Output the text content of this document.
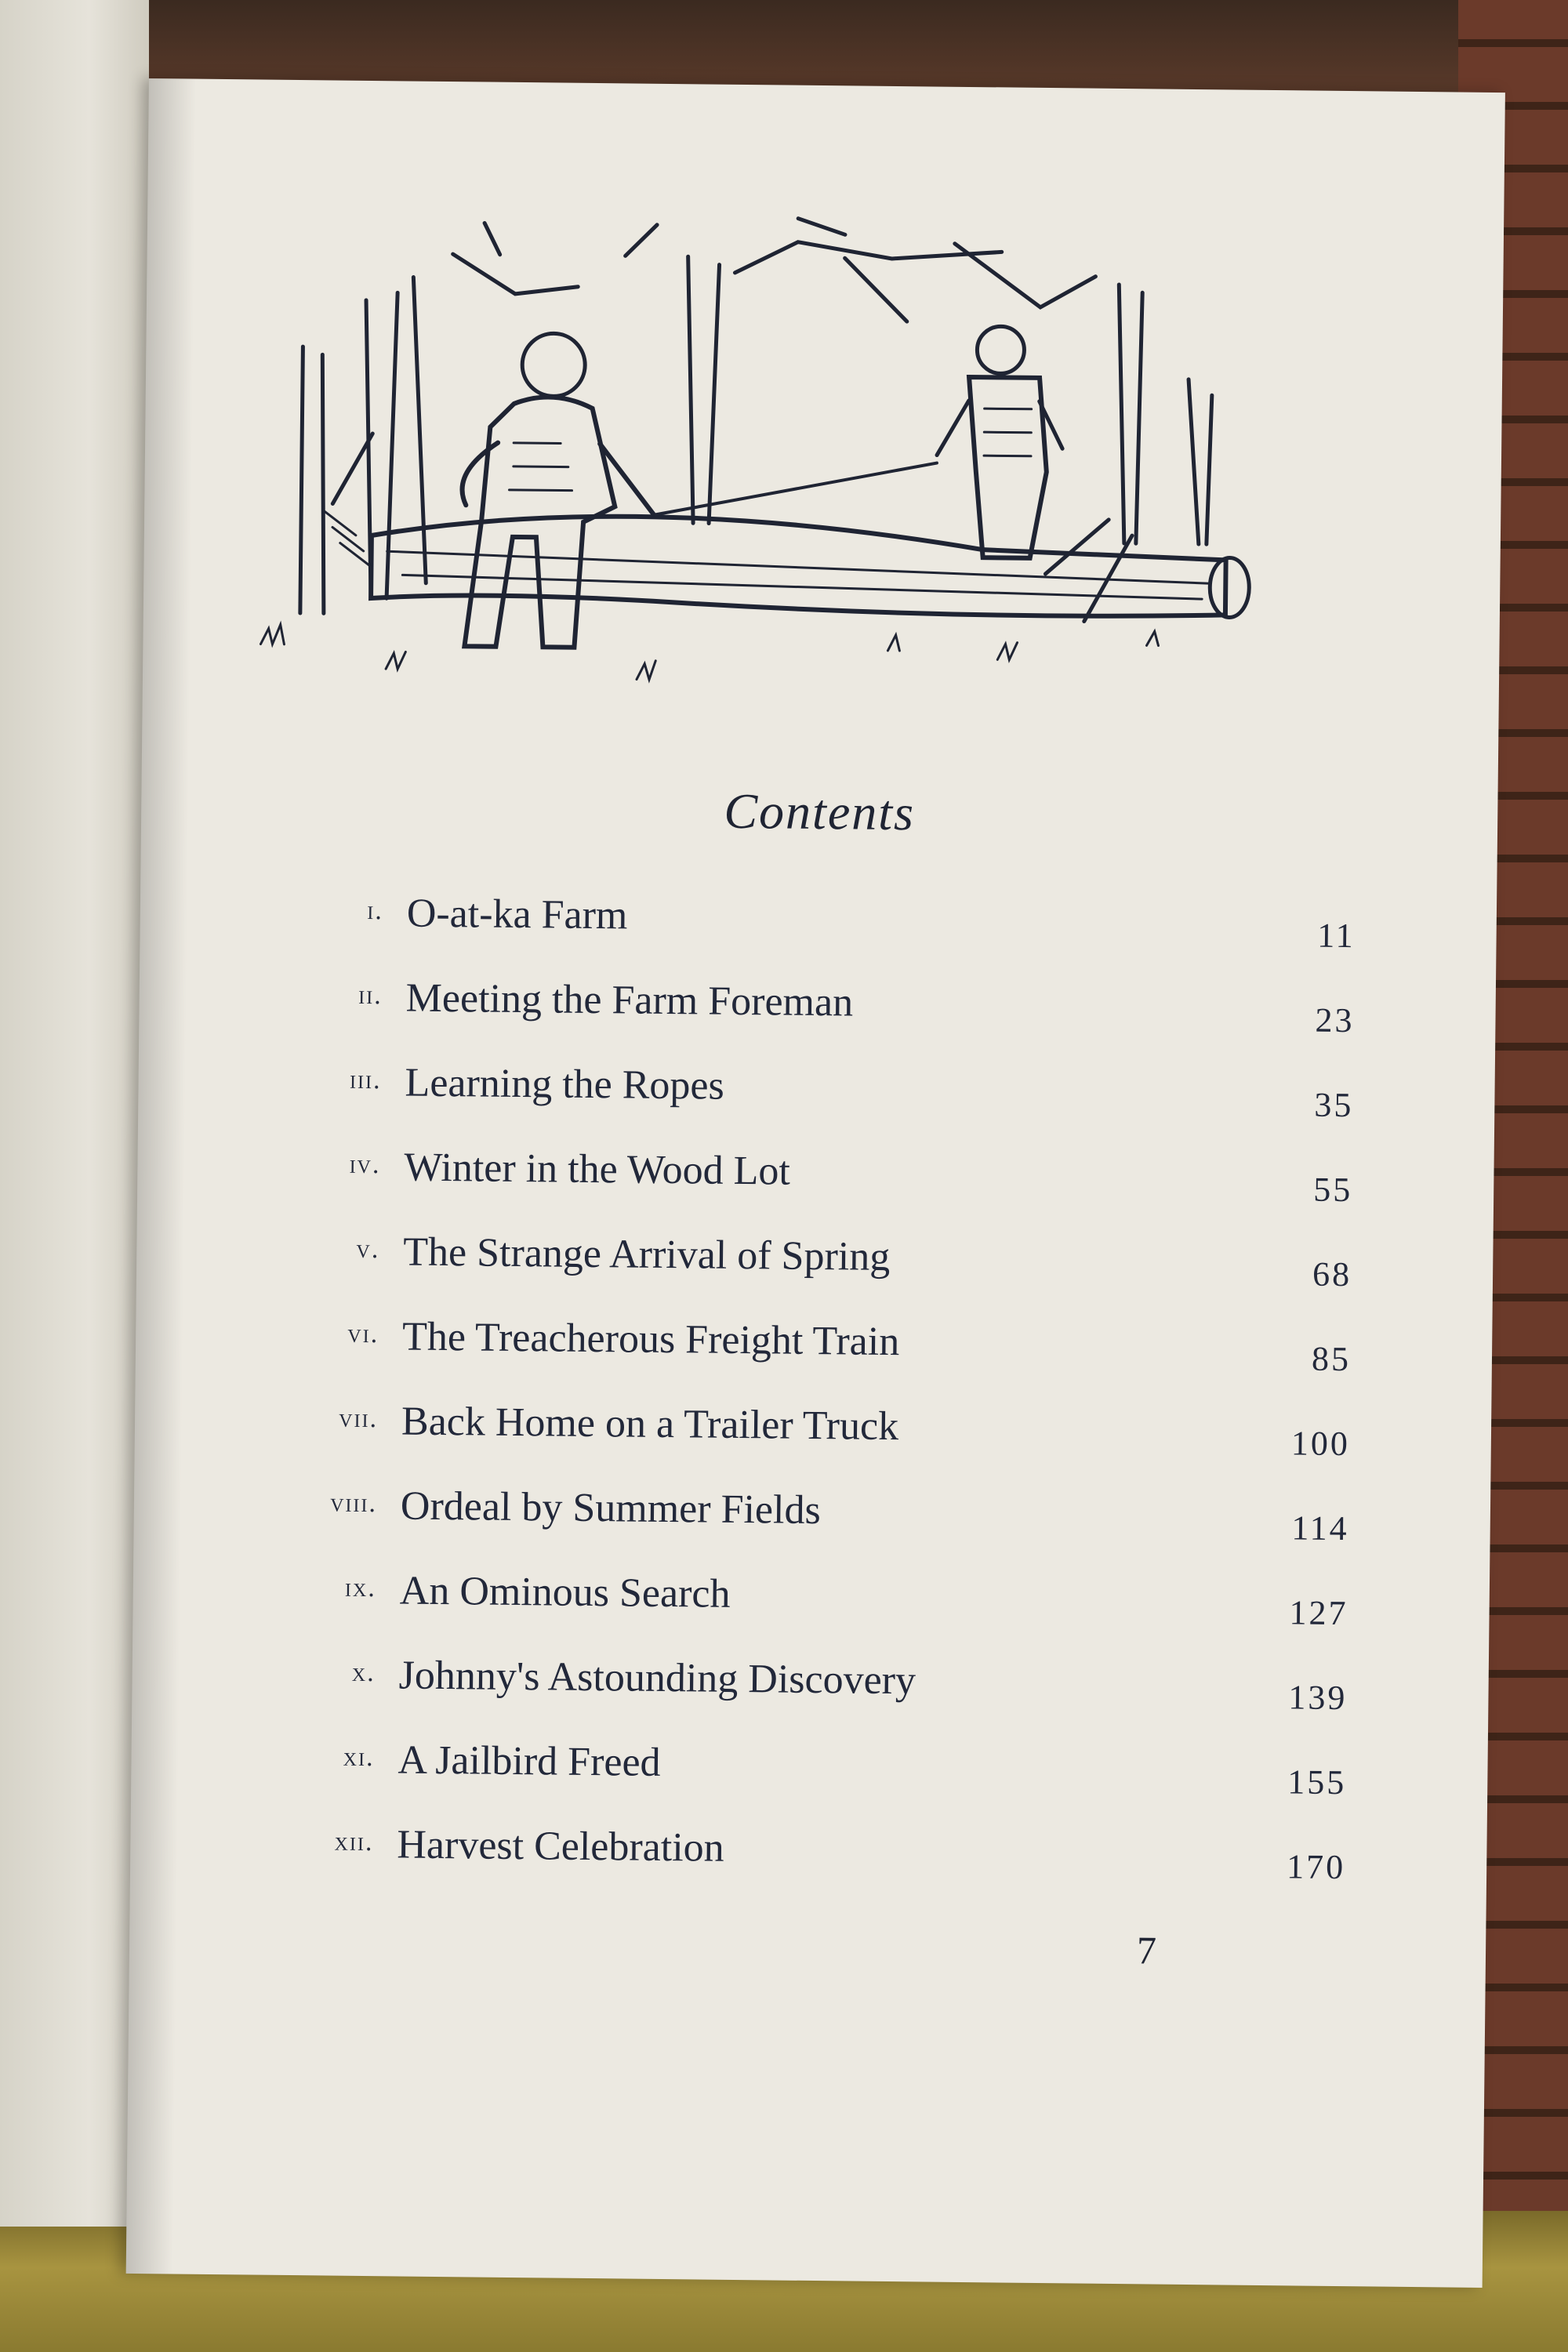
Contents
i. O-at-ka Farm	11
ii. Meeting the Farm Foreman	23
iii. Learning the Ropes	35
iv. Winter in the Wood Lot	55
v. The Strange Arrival of Spring	68
vi. The Treacherous Freight Train	85
vii. Back Home on a Trailer Truck	100
viii. Ordeal by Summer Fields	114
ix. An Ominous Search	127
x. Johnny's Astounding Discovery	139
xi. A Jailbird Freed	155
xii. Harvest Celebration	170
7
